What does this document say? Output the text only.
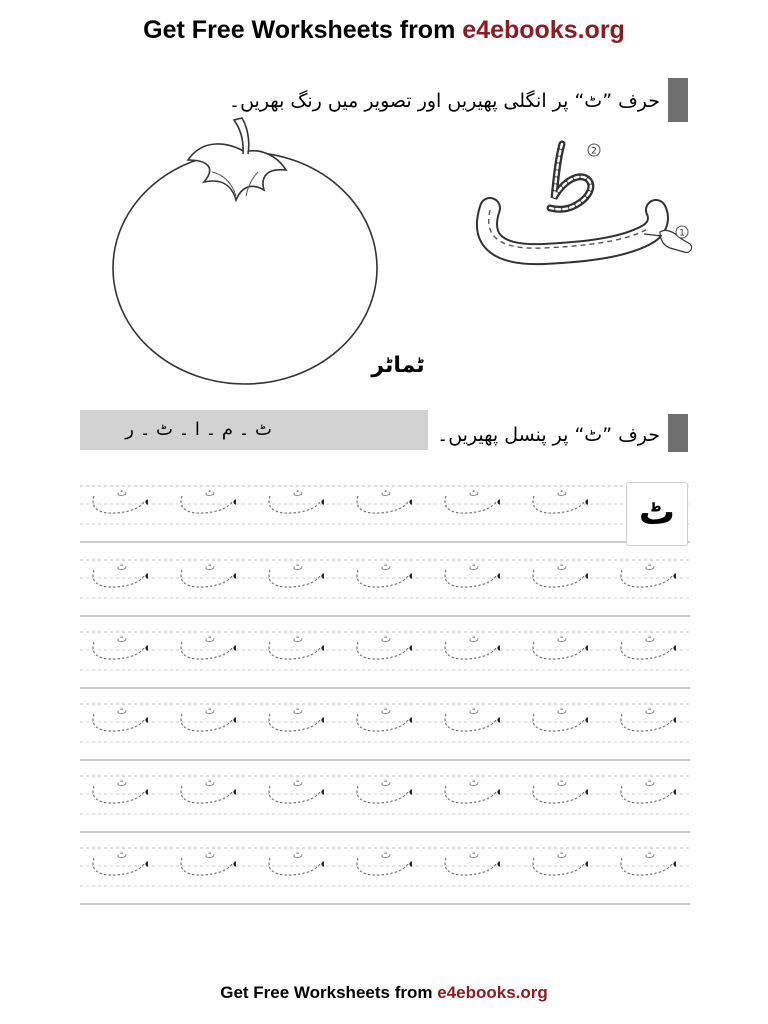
Get Free Worksheets from e4ebooks.org
حرف ”ٹ“ پر انگلی پھیریں اور تصویر میں رنگ بھریں۔
ٹماٹر
2
1
حرف ”ٹ“ پر پنسل پھیریں۔
ٹ ۔ م ۔ ا ۔ ٹ ۔ ر
ٹ	ٹ	ٹ	ٹ	ٹ	ٹ	ٹ
ٹ	ٹ	ٹ	ٹ	ٹ	ٹ	ٹ
ٹ	ٹ	ٹ	ٹ	ٹ	ٹ	ٹ
ٹ	ٹ	ٹ	ٹ	ٹ	ٹ	ٹ
ٹ	ٹ	ٹ	ٹ	ٹ	ٹ	ٹ
ٹ	ٹ	ٹ	ٹ	ٹ	ٹ	ٹ
Get Free Worksheets from e4ebooks.org
